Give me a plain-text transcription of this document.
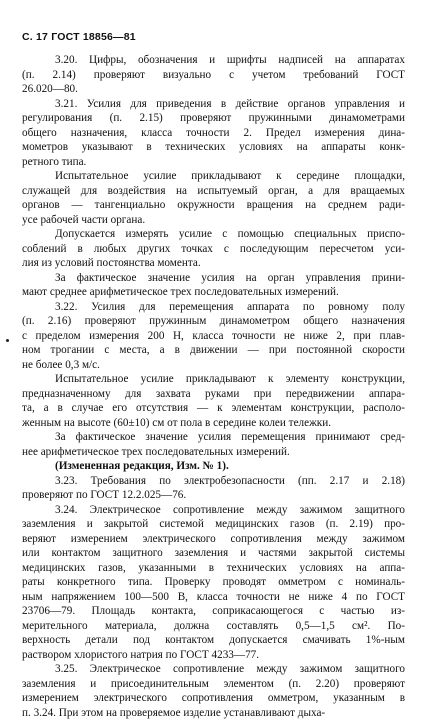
С. 17 ГОСТ 18856—81
3.20. Цифры, обозначения и шрифты надписей на аппаратах
(п. 2.14) проверяют визуально с учетом требований ГОСТ
26.020—80.
3.21. Усилия для приведения в действие органов управления и
регулирования (п. 2.15) проверяют пружинными динамометрами
общего назначения, класса точности 2. Предел измерения дина-
мометров указывают в технических условиях на аппараты конк-
ретного типа.
Испытательное усилие прикладывают к середине площадки,
служащей для воздействия на испытуемый орган, а для вращаемых
органов — тангенциально окружности вращения на среднем ради-
усе рабочей части органа.
Допускается измерять усилие с помощью специальных приспо-
соблений в любых других точках с последующим пересчетом уси-
лия из условий постоянства момента.
За фактическое значение усилия на орган управления прини-
мают среднее арифметическое трех последовательных измерений.
3.22. Усилия для перемещения аппарата по ровному полу
(п. 2.16) проверяют пружинным динамометром общего назначения
с пределом измерения 200 Н, класса точности не ниже 2, при плав-
ном трогании с места, а в движении — при постоянной скорости
не более 0,3 м/с.
Испытательное усилие прикладывают к элементу конструкции,
предназначенному для захвата руками при передвижении аппара-
та, а в случае его отсутствия — к элементам конструкции, располо-
женным на высоте (60±10) см от пола в середине колеи тележки.
За фактическое значение усилия перемещения принимают сред-
нее арифметическое трех последовательных измерений.
(Измененная редакция, Изм. № 1).
3.23. Требования по электробезопасности (пп. 2.17 и 2.18)
проверяют по ГОСТ 12.2.025—76.
3.24. Электрическое сопротивление между зажимом защитного
заземления и закрытой системой медицинских газов (п. 2.19) про-
веряют измерением электрического сопротивления между зажимом
или контактом защитного заземления и частями закрытой системы
медицинских газов, указанными в технических условиях на аппа-
раты конкретного типа. Проверку проводят омметром с номиналь-
ным напряжением 100—500 В, класса точности не ниже 4 по ГОСТ
23706—79. Площадь контакта, соприкасающегося с частью из-
мерительного материала, должна составлять 0,5—1,5 см². По-
верхность детали под контактом допускается смачивать 1%-ным
раствором хлористого натрия по ГОСТ 4233—77.
3.25. Электрическое сопротивление между зажимом защитного
заземления и присоединительным элементом (п. 2.20) проверяют
измерением электрического сопротивления омметром, указанным в
п. 3.24. При этом на проверяемое изделие устанавливают дыха-
